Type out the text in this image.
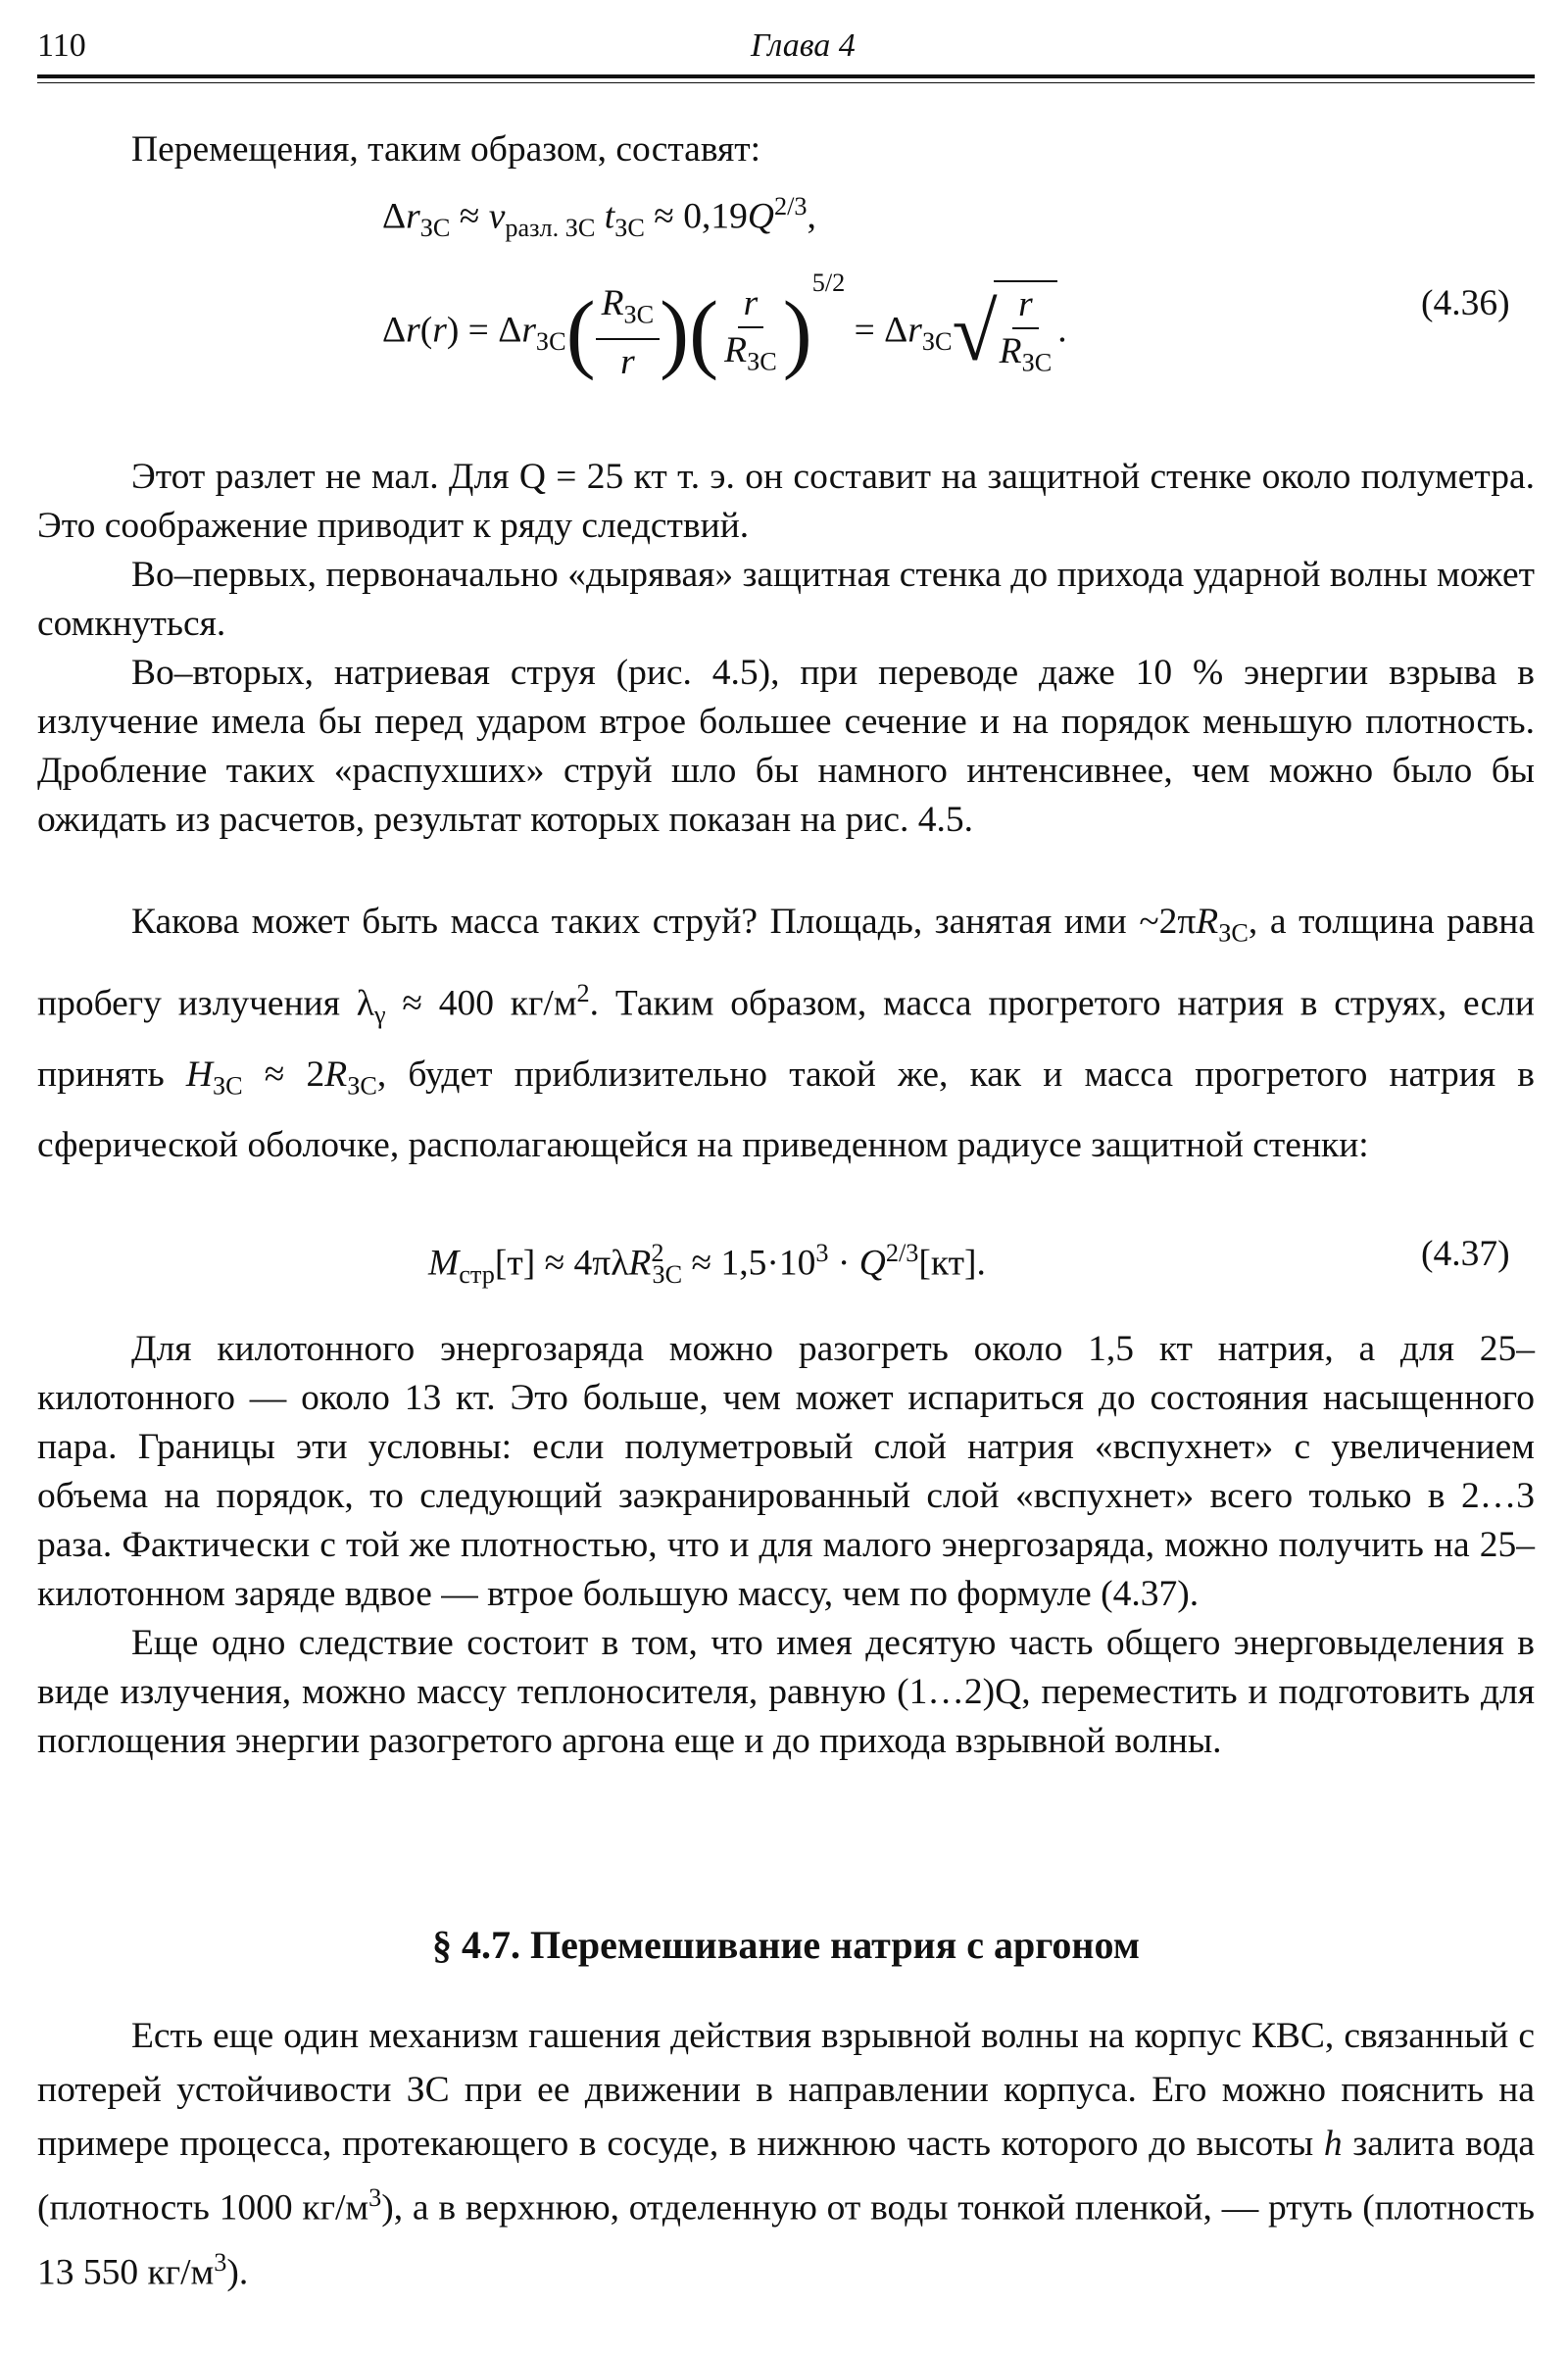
110	Глава 4

Перемещения, таким образом, составят:

$\Delta r_{ЗС} \approx v_{разл. ЗС}$ $t_{ЗС} \approx 0,19Q^{2/3}$,
$\Delta r(r) = \Delta r_{ЗС}( \frac{R_{ЗС}}{r}$ )( $\frac{r}{R_{ЗС}} )^{5/2} = \Delta r_{ЗС}√$
$\frac{r}{R_{ЗС}}$ .
(4.36)

Этот разлет не мал. Для Q = 25 кт т. э. он составит на защитной стенке около полуметра. Это соображение приводит к ряду следствий.

Во–первых, первоначально «дырявая» защитная стенка до прихода ударной волны может сомкнуться.

Во–вторых, натриевая струя (рис. 4.5), при переводе даже 10 % энергии взрыва в излучение имела бы перед ударом втрое большее сечение и на порядок меньшую плотность. Дробление таких «распухших» струй шло бы намного интенсивнее, чем можно было бы ожидать из расчетов, результат которых показан на рис. 4.5.

Какова может быть масса таких струй? Площадь, занятая ими $\sim 2\pi R_{ЗС}$, а толщина равна пробегу излучения $\lambda_\gamma \approx 400$ $кг/м^2$. Таким образом, масса прогретого натрия в струях, если принять $H_{ЗС} \approx 2R_{ЗС}$, будет приблизительно такой же, как и масса прогретого натрия в сферической оболочке, располагающейся на приведенном радиусе защитной стенки:

$M_{стр}[т] \approx 4\pi\lambda R^2_{ЗС} \approx 1,5\cdot 10^3 \cdot Q^{2/3}[кт]$.	(4.37)

Для килотонного энергозаряда можно разогреть около 1,5 кт натрия, а для 25–килотонного — около 13 кт. Это больше, чем может испариться до состояния насыщенного пара. Границы эти условны: если полуметровый слой натрия «вспухнет» с увеличением объема на порядок, то следующий заэкранированный слой «вспухнет» всего только в 2…3 раза. Фактически с той же плотностью, что и для малого энергозаряда, можно получить на 25–килотонном заряде вдвое — втрое большую массу, чем по формуле (4.37).

Еще одно следствие состоит в том, что имея десятую часть общего энерговыделения в виде излучения, можно массу теплоносителя, равную (1…2)Q, переместить и подготовить для поглощения энергии разогретого аргона еще и до прихода взрывной волны.

§ 4.7. Перемешивание натрия с аргоном

Есть еще один механизм гашения действия взрывной волны на корпус КВС, связанный с потерей устойчивости ЗС при ее движении в направлении корпуса. Его можно пояснить на примере процесса, протекающего в сосуде, в нижнюю часть которого до высоты h залита вода (плотность 1000 $кг/м^3$), а в верхнюю, отделенную от воды тонкой пленкой, — ртуть (плотность 13 550 $кг/м^3$).
